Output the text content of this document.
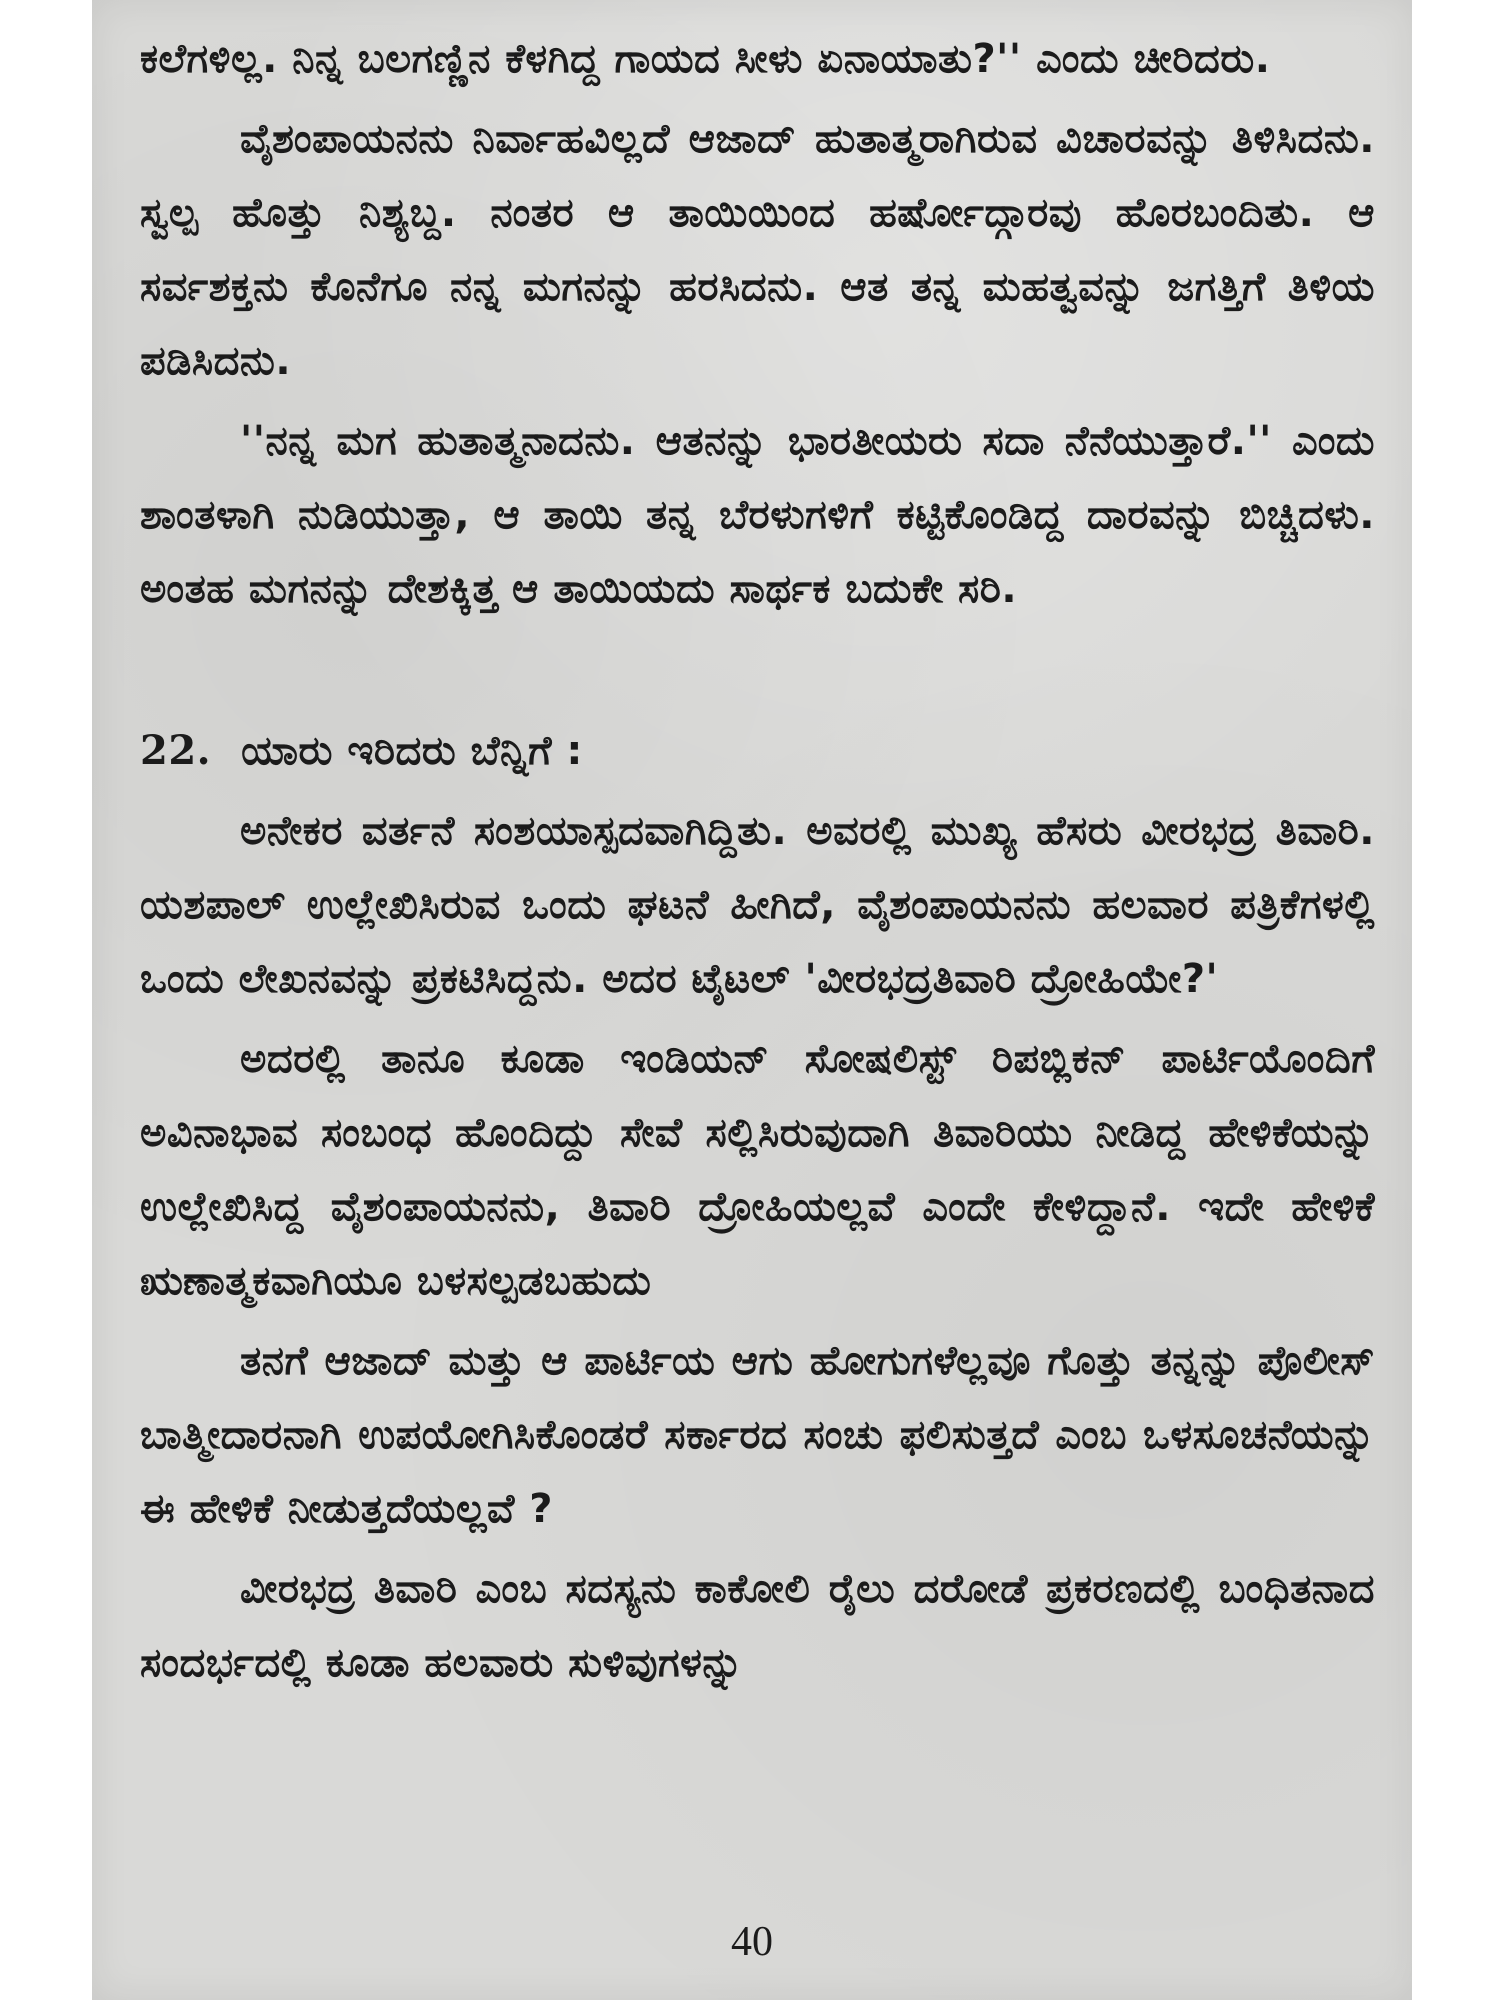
ಕಲೆಗಳಿಲ್ಲ. ನಿನ್ನ ಬಲಗಣ್ಣಿನ ಕೆಳಗಿದ್ದ ಗಾಯದ ಸೀಳು ಏನಾಯಾತು?'' ಎಂದು ಚೀರಿದರು.

ವೈಶಂಪಾಯನನು ನಿರ್ವಾಹವಿಲ್ಲದೆ ಆಜಾದ್ ಹುತಾತ್ಮರಾಗಿರುವ ವಿಚಾರವನ್ನು ತಿಳಿಸಿದನು. ಸ್ವಲ್ಪ ಹೊತ್ತು ನಿಶ್ಯಬ್ದ. ನಂತರ ಆ ತಾಯಿಯಿಂದ ಹರ್ಷೋದ್ಗಾರವು ಹೊರಬಂದಿತು. ಆ ಸರ್ವಶಕ್ತನು ಕೊನೆಗೂ ನನ್ನ ಮಗನನ್ನು ಹರಸಿದನು. ಆತ ತನ್ನ ಮಹತ್ವವನ್ನು ಜಗತ್ತಿಗೆ ತಿಳಿಯ ಪಡಿಸಿದನು.

''ನನ್ನ ಮಗ ಹುತಾತ್ಮನಾದನು. ಆತನನ್ನು ಭಾರತೀಯರು ಸದಾ ನೆನೆಯುತ್ತಾರೆ.'' ಎಂದು ಶಾಂತಳಾಗಿ ನುಡಿಯುತ್ತಾ, ಆ ತಾಯಿ ತನ್ನ ಬೆರಳುಗಳಿಗೆ ಕಟ್ಟಿಕೊಂಡಿದ್ದ ದಾರವನ್ನು ಬಿಚ್ಚಿದಳು. ಅಂತಹ ಮಗನನ್ನು ದೇಶಕ್ಕಿತ್ತ ಆ ತಾಯಿಯದು ಸಾರ್ಥಕ ಬದುಕೇ ಸರಿ.

22. ಯಾರು ಇರಿದರು ಬೆನ್ನಿಗೆ :

ಅನೇಕರ ವರ್ತನೆ ಸಂಶಯಾಸ್ಪದವಾಗಿದ್ದಿತು. ಅವರಲ್ಲಿ ಮುಖ್ಯ ಹೆಸರು ವೀರಭದ್ರ ತಿವಾರಿ. ಯಶಪಾಲ್ ಉಲ್ಲೇಖಿಸಿರುವ ಒಂದು ಘಟನೆ ಹೀಗಿದೆ, ವೈಶಂಪಾಯನನು ಹಲವಾರ ಪತ್ರಿಕೆಗಳಲ್ಲಿ ಒಂದು ಲೇಖನವನ್ನು ಪ್ರಕಟಿಸಿದ್ದನು. ಅದರ ಟೈಟಲ್ 'ವೀರಭದ್ರತಿವಾರಿ ದ್ರೋಹಿಯೇ?'

ಅದರಲ್ಲಿ ತಾನೂ ಕೂಡಾ ಇಂಡಿಯನ್ ಸೋಷಲಿಸ್ಟ್ ರಿಪಬ್ಲಿಕನ್ ಪಾರ್ಟಿಯೊಂದಿಗೆ ಅವಿನಾಭಾವ ಸಂಬಂಧ ಹೊಂದಿದ್ದು ಸೇವೆ ಸಲ್ಲಿಸಿರುವುದಾಗಿ ತಿವಾರಿಯು ನೀಡಿದ್ದ ಹೇಳಿಕೆಯನ್ನು ಉಲ್ಲೇಖಿಸಿದ್ದ ವೈಶಂಪಾಯನನು, ತಿವಾರಿ ದ್ರೋಹಿಯಲ್ಲವೆ ಎಂದೇ ಕೇಳಿದ್ದಾನೆ. ಇದೇ ಹೇಳಿಕೆ ಋಣಾತ್ಮಕವಾಗಿಯೂ ಬಳಸಲ್ಪಡಬಹುದು

ತನಗೆ ಆಜಾದ್ ಮತ್ತು ಆ ಪಾರ್ಟಿಯ ಆಗು ಹೋಗುಗಳೆಲ್ಲವೂ ಗೊತ್ತು ತನ್ನನ್ನು ಪೊಲೀಸ್ ಬಾತ್ಮೀದಾರನಾಗಿ ಉಪಯೋಗಿಸಿಕೊಂಡರೆ ಸರ್ಕಾರದ ಸಂಚು ಫಲಿಸುತ್ತದೆ ಎಂಬ ಒಳಸೂಚನೆಯನ್ನು ಈ ಹೇಳಿಕೆ ನೀಡುತ್ತದೆಯಲ್ಲವೆ ?

ವೀರಭದ್ರ ತಿವಾರಿ ಎಂಬ ಸದಸ್ಯನು ಕಾಕೋಲಿ ರೈಲು ದರೋಡೆ ಪ್ರಕರಣದಲ್ಲಿ ಬಂಧಿತನಾದ ಸಂದರ್ಭದಲ್ಲಿ ಕೂಡಾ ಹಲವಾರು ಸುಳಿವುಗಳನ್ನು

40
